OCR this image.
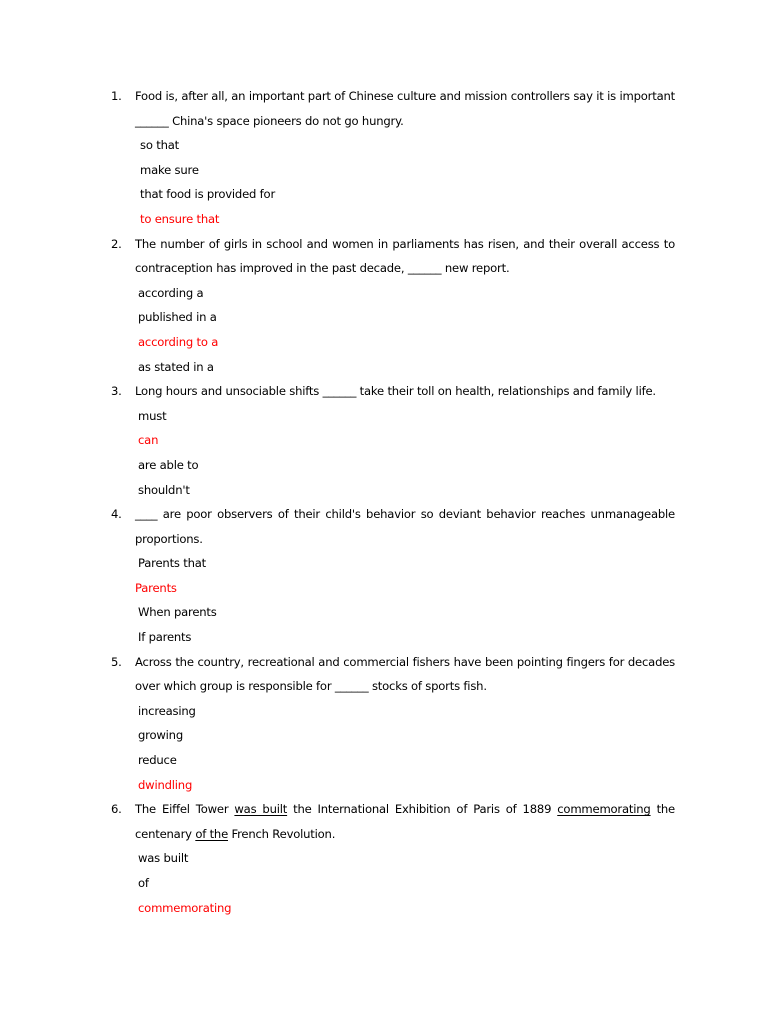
1. Food is, after all, an important part of Chinese culture and mission controllers say it is important ______ China's space pioneers do not go hungry.

so that
make sure
that food is provided for
to ensure that
2. The number of girls in school and women in parliaments has risen, and their overall access to contraception has improved in the past decade, ______ new report.

according a
published in a
according to a
as stated in a
3. Long hours and unsociable shifts ______ take their toll on health, relationships and family life.

must
can
are able to
shouldn't
4. ____ are poor observers of their child's behavior so deviant behavior reaches unmanageable proportions.

Parents that
Parents
When parents
If parents
5. Across the country, recreational and commercial fishers have been pointing fingers for decades over which group is responsible for ______ stocks of sports fish.

increasing
growing
reduce
dwindling
6. The Eiffel Tower was built the International Exhibition of Paris of 1889 commemorating the centenary of the French Revolution.

was built
of
commemorating
